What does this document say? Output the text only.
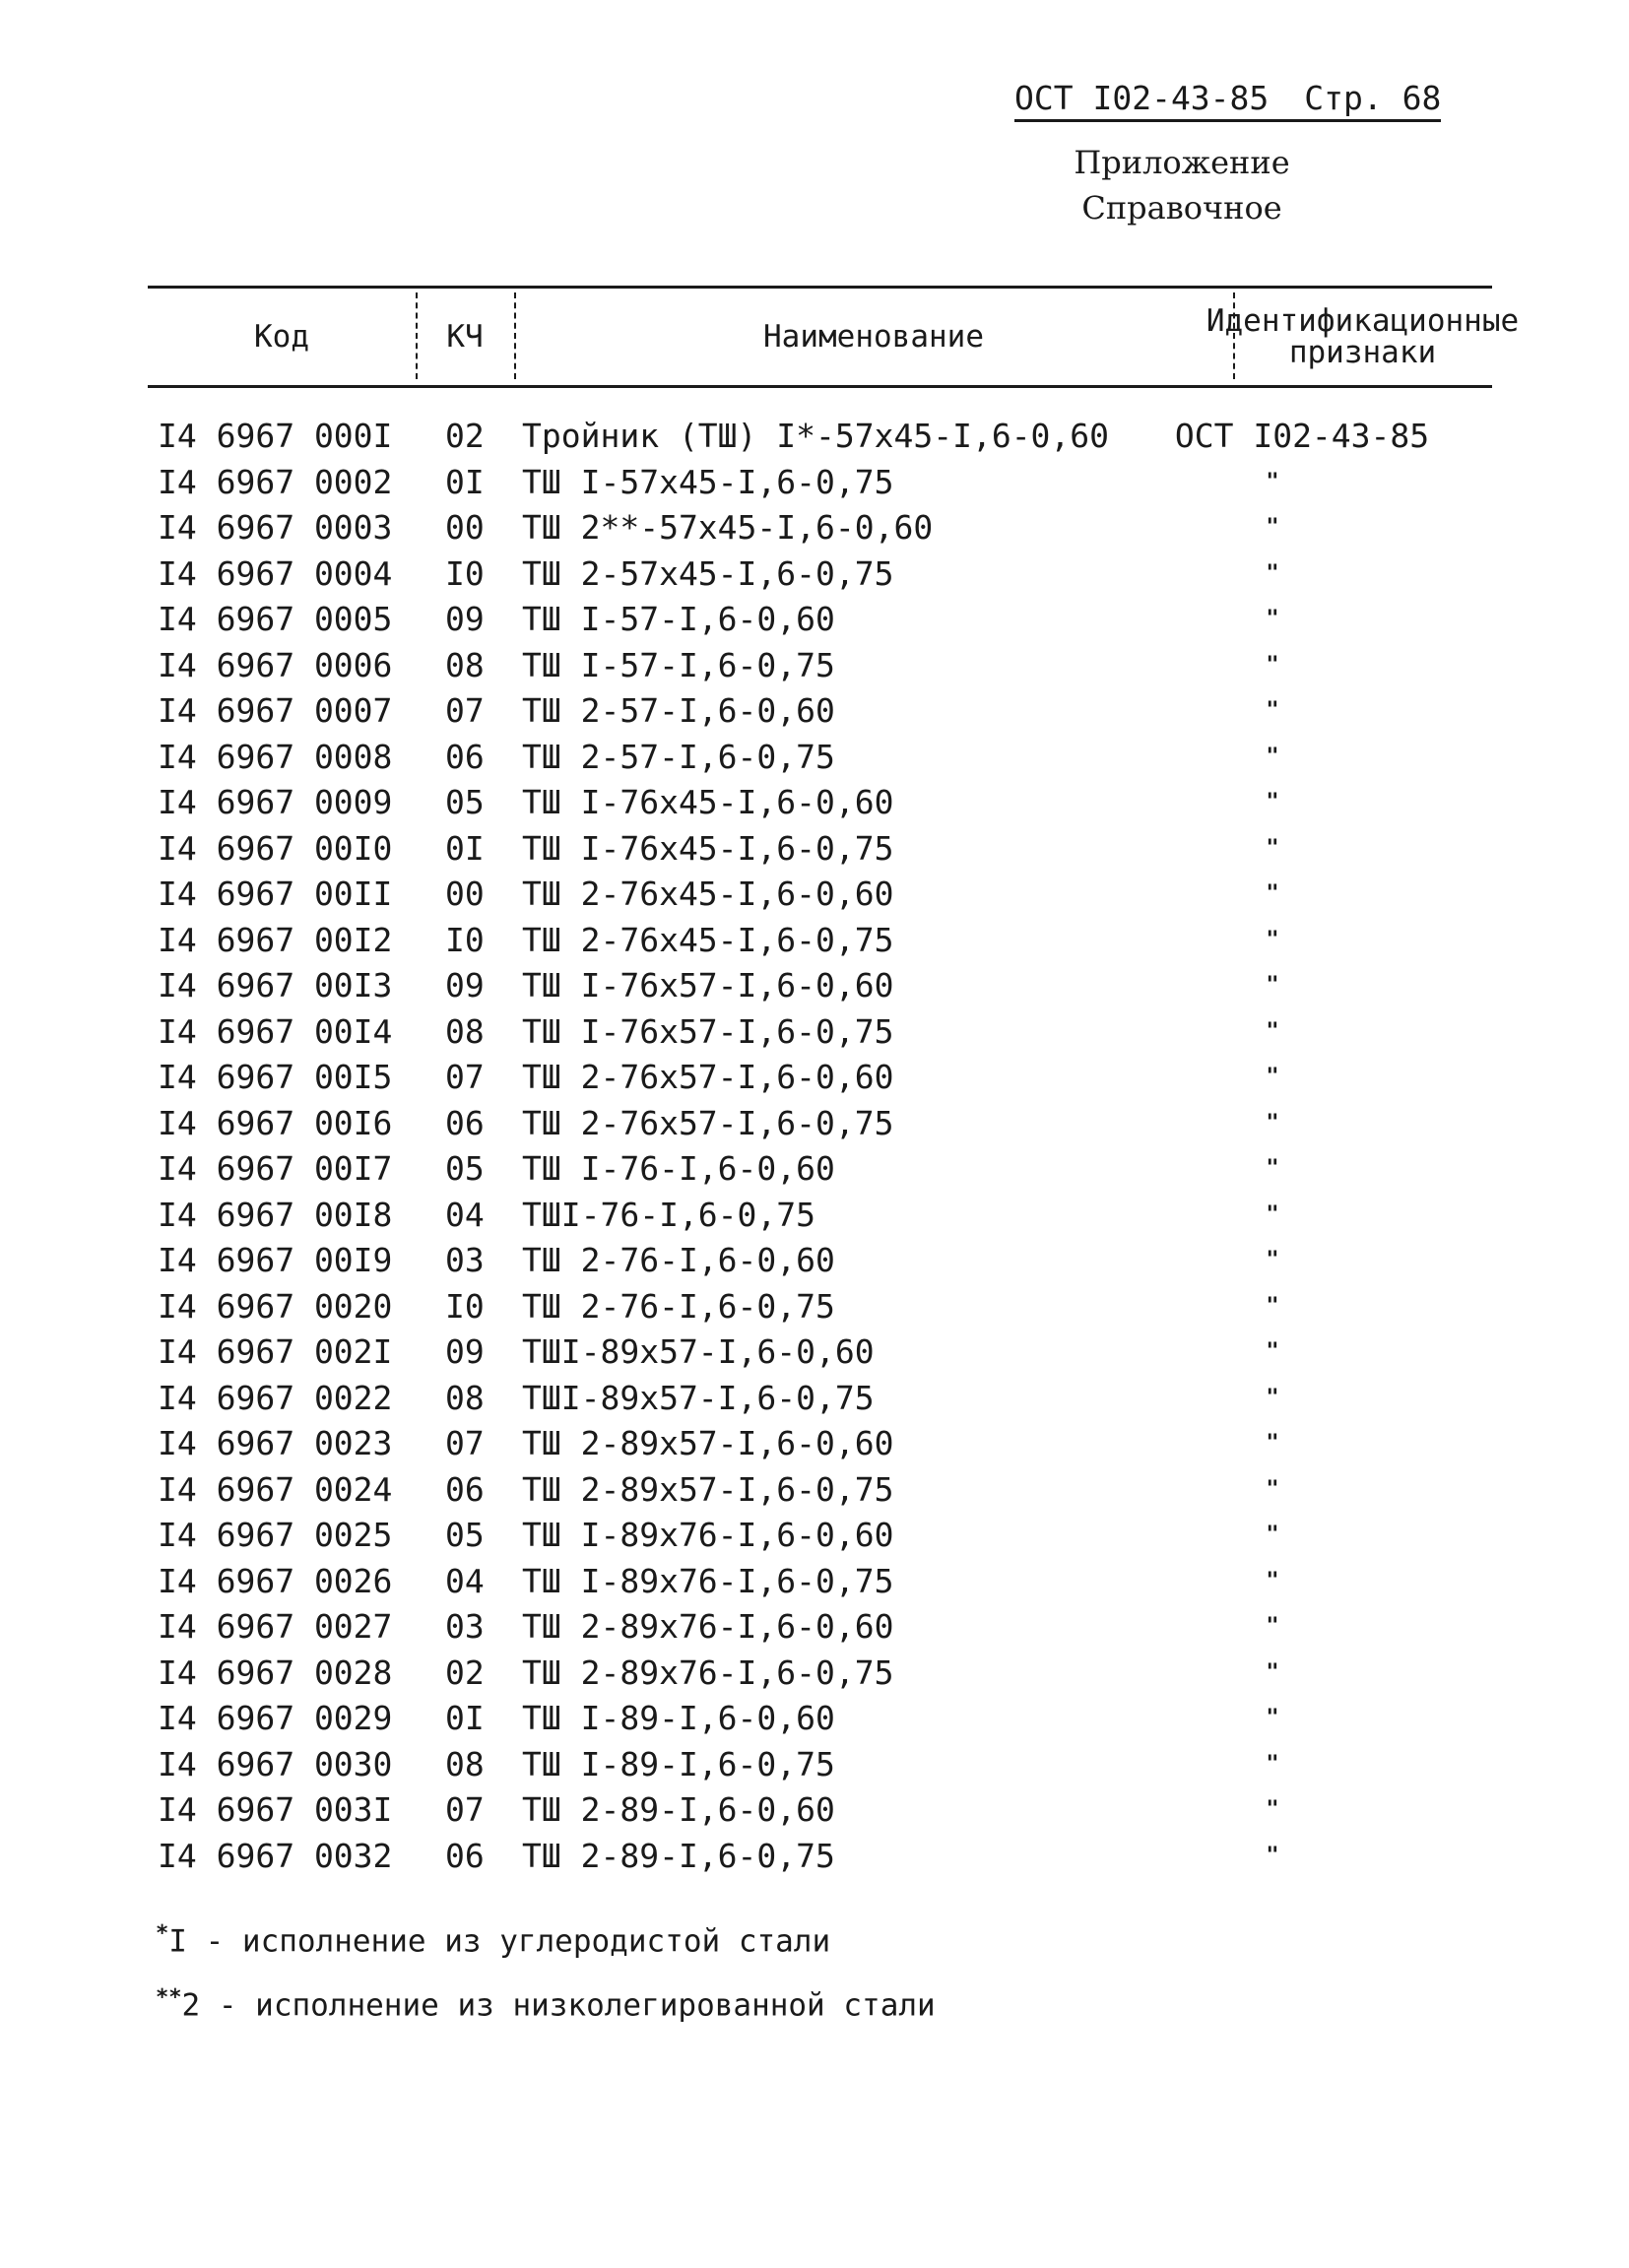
ОСТ I02-43-85 Стр. 68
Приложение
Справочное
Код	КЧ	Наименование	Идентификационные
признаки
I4 6967 000I	02	Тройник (ТШ) I*-57х45-I,6-0,60	ОСТ I02-43-85
I4 6967 0002	0I	ТШ I-57х45-I,6-0,75	"
I4 6967 0003	00	ТШ 2**-57х45-I,6-0,60	"
I4 6967 0004	I0	ТШ 2-57х45-I,6-0,75	"
I4 6967 0005	09	ТШ I-57-I,6-0,60	"
I4 6967 0006	08	ТШ I-57-I,6-0,75	"
I4 6967 0007	07	ТШ 2-57-I,6-0,60	"
I4 6967 0008	06	ТШ 2-57-I,6-0,75	"
I4 6967 0009	05	ТШ I-76х45-I,6-0,60	"
I4 6967 00I0	0I	ТШ I-76х45-I,6-0,75	"
I4 6967 00II	00	ТШ 2-76х45-I,6-0,60	"
I4 6967 00I2	I0	ТШ 2-76х45-I,6-0,75	"
I4 6967 00I3	09	ТШ I-76х57-I,6-0,60	"
I4 6967 00I4	08	ТШ I-76х57-I,6-0,75	"
I4 6967 00I5	07	ТШ 2-76х57-I,6-0,60	"
I4 6967 00I6	06	ТШ 2-76х57-I,6-0,75	"
I4 6967 00I7	05	ТШ I-76-I,6-0,60	"
I4 6967 00I8	04	ТШI-76-I,6-0,75	"
I4 6967 00I9	03	ТШ 2-76-I,6-0,60	"
I4 6967 0020	I0	ТШ 2-76-I,6-0,75	"
I4 6967 002I	09	ТШI-89х57-I,6-0,60	"
I4 6967 0022	08	ТШI-89х57-I,6-0,75	"
I4 6967 0023	07	ТШ 2-89х57-I,6-0,60	"
I4 6967 0024	06	ТШ 2-89х57-I,6-0,75	"
I4 6967 0025	05	ТШ I-89х76-I,6-0,60	"
I4 6967 0026	04	ТШ I-89х76-I,6-0,75	"
I4 6967 0027	03	ТШ 2-89х76-I,6-0,60	"
I4 6967 0028	02	ТШ 2-89х76-I,6-0,75	"
I4 6967 0029	0I	ТШ I-89-I,6-0,60	"
I4 6967 0030	08	ТШ I-89-I,6-0,75	"
I4 6967 003I	07	ТШ 2-89-I,6-0,60	"
I4 6967 0032	06	ТШ 2-89-I,6-0,75	"
*I - исполнение из углеродистой стали
**2 - исполнение из низколегированной стали
